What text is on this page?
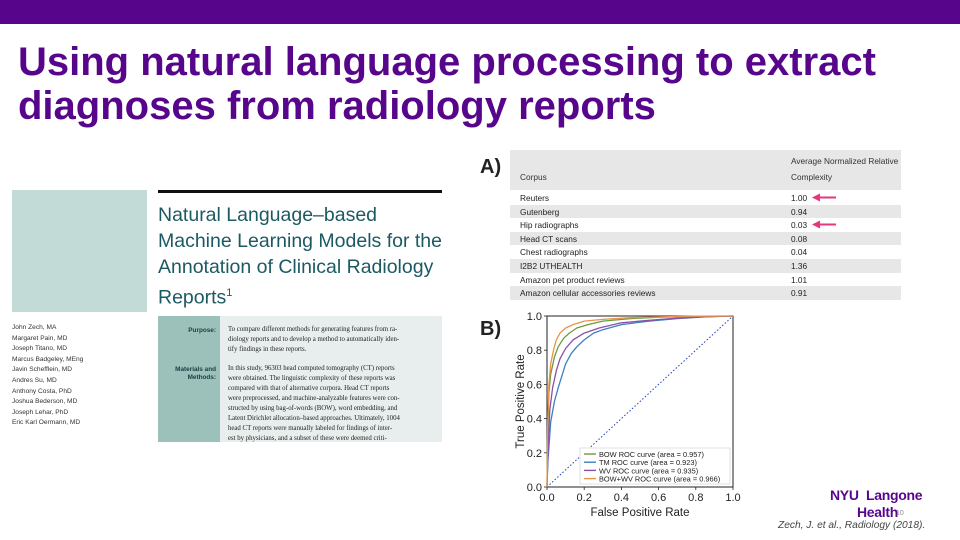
Using natural language processing to extract diagnoses from radiology reports
Natural Language–based Machine Learning Models for the Annotation of Clinical Radiology Reports$^1$
John Zech, MA
Margaret Pain, MD
Joseph Titano, MD
Marcus Badgeley, MEng
Javin Schefflein, MD
Andres Su, MD
Anthony Costa, PhD
Joshua Bederson, MD
Joseph Lehar, PhD
Eric Karl Oermann, MD
Purpose: To compare different methods for generating features from ra-
diology reports and to develop a method to automatically iden-
tify findings in these reports.
Materials and
Methods:
In this study, 96303 head computed tomography (CT) reports
were obtained. The linguistic complexity of these reports was
compared with that of alternative corpora. Head CT reports
were preprocessed, and machine-analyzable features were con-
structed by using bag-of-words (BOW), word embedding, and
Latent Dirichlet allocation–based approaches. Ultimately, 1004
head CT reports were manually labeled for findings of inter-
est by physicians, and a subset of these were deemed criti-
A) Corpus
Average Normalized Relative
Complexity
Reuters	1.00
Gutenberg	0.94
Hip radiographs	0.03
Head CT scans	0.08
Chest radiographs	0.04
I2B2 UTHEALTH	1.36
Amazon pet product reviews	1.01
Amazon cellular accessories reviews	0.91
B)
0.0 0.2 0.4 0.6 0.8 1.0
0.0
0.2
0.4
0.6
0.8
1.0
False Positive Rate
True Positive Rate
BOW ROC curve (area = 0.957)
TM ROC curve (area = 0.923)
WV ROC curve (area = 0.935)
BOW+WV ROC curve (area = 0.966)
NYU Langone
Health
10
Zech, J. et al., Radiology (2018).
